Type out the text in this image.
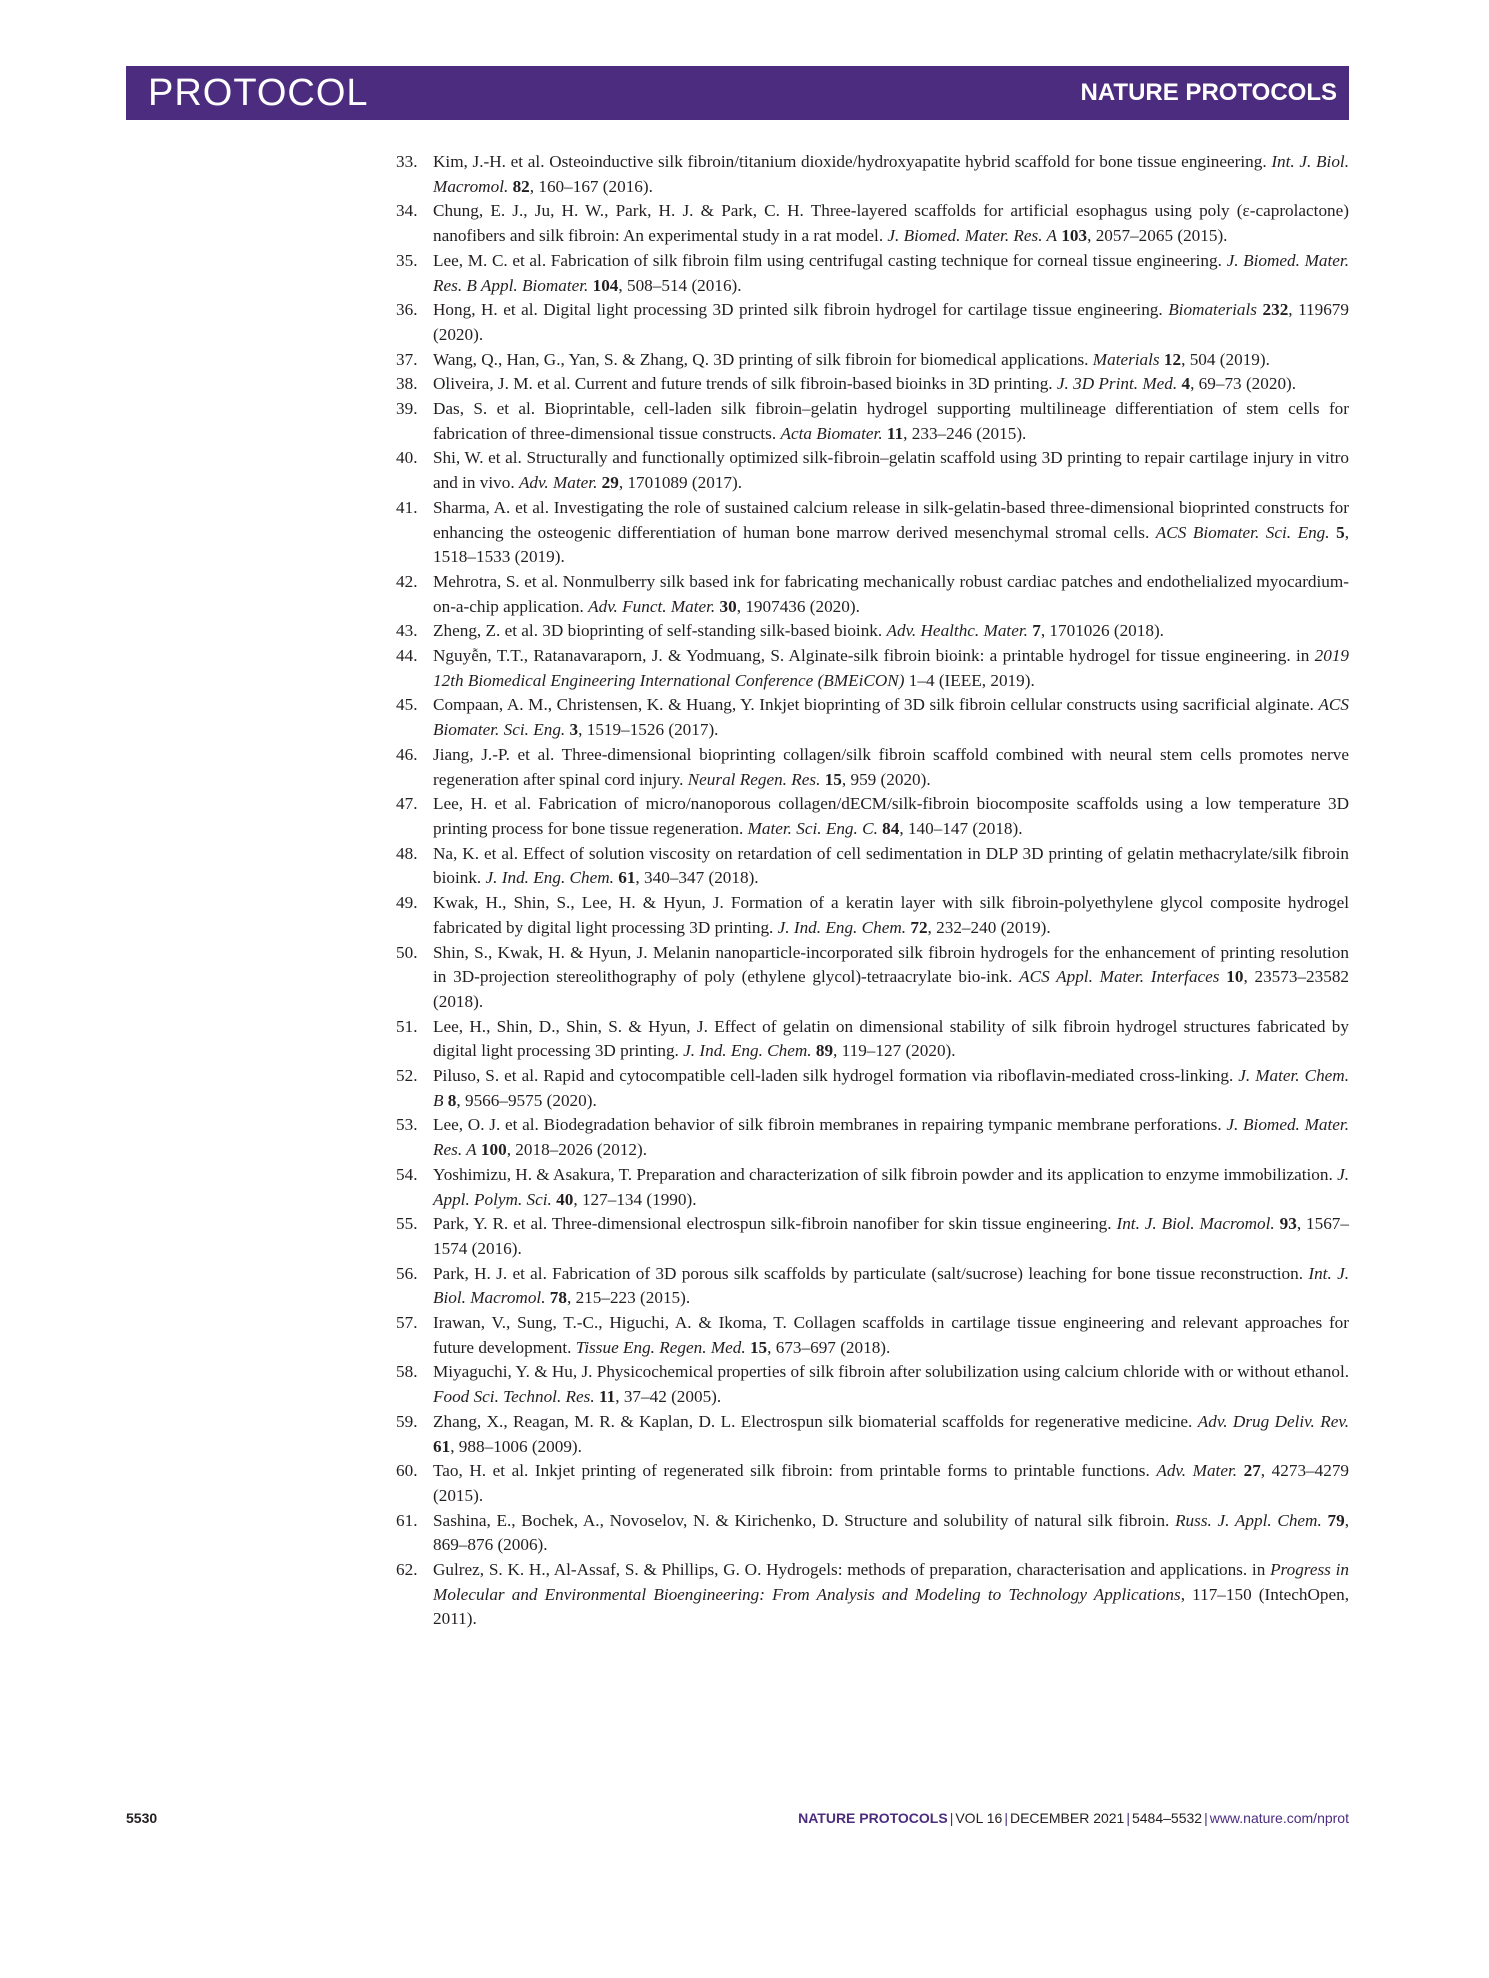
PROTOCOL	NATURE PROTOCOLS
33. Kim, J.-H. et al. Osteoinductive silk fibroin/titanium dioxide/hydroxyapatite hybrid scaffold for bone tissue engineering. Int. J. Biol. Macromol. 82, 160–167 (2016).
34. Chung, E. J., Ju, H. W., Park, H. J. & Park, C. H. Three-layered scaffolds for artificial esophagus using poly (ε-caprolactone) nanofibers and silk fibroin: An experimental study in a rat model. J. Biomed. Mater. Res. A 103, 2057–2065 (2015).
35. Lee, M. C. et al. Fabrication of silk fibroin film using centrifugal casting technique for corneal tissue engineering. J. Biomed. Mater. Res. B Appl. Biomater. 104, 508–514 (2016).
36. Hong, H. et al. Digital light processing 3D printed silk fibroin hydrogel for cartilage tissue engineering. Biomaterials 232, 119679 (2020).
37. Wang, Q., Han, G., Yan, S. & Zhang, Q. 3D printing of silk fibroin for biomedical applications. Materials 12, 504 (2019).
38. Oliveira, J. M. et al. Current and future trends of silk fibroin-based bioinks in 3D printing. J. 3D Print. Med. 4, 69–73 (2020).
39. Das, S. et al. Bioprintable, cell-laden silk fibroin–gelatin hydrogel supporting multilineage differentiation of stem cells for fabrication of three-dimensional tissue constructs. Acta Biomater. 11, 233–246 (2015).
40. Shi, W. et al. Structurally and functionally optimized silk-fibroin–gelatin scaffold using 3D printing to repair cartilage injury in vitro and in vivo. Adv. Mater. 29, 1701089 (2017).
41. Sharma, A. et al. Investigating the role of sustained calcium release in silk-gelatin-based three-dimensional bioprinted constructs for enhancing the osteogenic differentiation of human bone marrow derived mesenchymal stromal cells. ACS Biomater. Sci. Eng. 5, 1518–1533 (2019).
42. Mehrotra, S. et al. Nonmulberry silk based ink for fabricating mechanically robust cardiac patches and endothelialized myocardium-on-a-chip application. Adv. Funct. Mater. 30, 1907436 (2020).
43. Zheng, Z. et al. 3D bioprinting of self-standing silk-based bioink. Adv. Healthc. Mater. 7, 1701026 (2018).
44. Nguyễn, T.T., Ratanavaraporn, J. & Yodmuang, S. Alginate-silk fibroin bioink: a printable hydrogel for tissue engineering. in 2019 12th Biomedical Engineering International Conference (BMEiCON) 1–4 (IEEE, 2019).
45. Compaan, A. M., Christensen, K. & Huang, Y. Inkjet bioprinting of 3D silk fibroin cellular constructs using sacrificial alginate. ACS Biomater. Sci. Eng. 3, 1519–1526 (2017).
46. Jiang, J.-P. et al. Three-dimensional bioprinting collagen/silk fibroin scaffold combined with neural stem cells promotes nerve regeneration after spinal cord injury. Neural Regen. Res. 15, 959 (2020).
47. Lee, H. et al. Fabrication of micro/nanoporous collagen/dECM/silk-fibroin biocomposite scaffolds using a low temperature 3D printing process for bone tissue regeneration. Mater. Sci. Eng. C. 84, 140–147 (2018).
48. Na, K. et al. Effect of solution viscosity on retardation of cell sedimentation in DLP 3D printing of gelatin methacrylate/silk fibroin bioink. J. Ind. Eng. Chem. 61, 340–347 (2018).
49. Kwak, H., Shin, S., Lee, H. & Hyun, J. Formation of a keratin layer with silk fibroin-polyethylene glycol composite hydrogel fabricated by digital light processing 3D printing. J. Ind. Eng. Chem. 72, 232–240 (2019).
50. Shin, S., Kwak, H. & Hyun, J. Melanin nanoparticle-incorporated silk fibroin hydrogels for the enhancement of printing resolution in 3D-projection stereolithography of poly (ethylene glycol)-tetraacrylate bio-ink. ACS Appl. Mater. Interfaces 10, 23573–23582 (2018).
51. Lee, H., Shin, D., Shin, S. & Hyun, J. Effect of gelatin on dimensional stability of silk fibroin hydrogel structures fabricated by digital light processing 3D printing. J. Ind. Eng. Chem. 89, 119–127 (2020).
52. Piluso, S. et al. Rapid and cytocompatible cell-laden silk hydrogel formation via riboflavin-mediated cross-linking. J. Mater. Chem. B 8, 9566–9575 (2020).
53. Lee, O. J. et al. Biodegradation behavior of silk fibroin membranes in repairing tympanic membrane perforations. J. Biomed. Mater. Res. A 100, 2018–2026 (2012).
54. Yoshimizu, H. & Asakura, T. Preparation and characterization of silk fibroin powder and its application to enzyme immobilization. J. Appl. Polym. Sci. 40, 127–134 (1990).
55. Park, Y. R. et al. Three-dimensional electrospun silk-fibroin nanofiber for skin tissue engineering. Int. J. Biol. Macromol. 93, 1567–1574 (2016).
56. Park, H. J. et al. Fabrication of 3D porous silk scaffolds by particulate (salt/sucrose) leaching for bone tissue reconstruction. Int. J. Biol. Macromol. 78, 215–223 (2015).
57. Irawan, V., Sung, T.-C., Higuchi, A. & Ikoma, T. Collagen scaffolds in cartilage tissue engineering and relevant approaches for future development. Tissue Eng. Regen. Med. 15, 673–697 (2018).
58. Miyaguchi, Y. & Hu, J. Physicochemical properties of silk fibroin after solubilization using calcium chloride with or without ethanol. Food Sci. Technol. Res. 11, 37–42 (2005).
59. Zhang, X., Reagan, M. R. & Kaplan, D. L. Electrospun silk biomaterial scaffolds for regenerative medicine. Adv. Drug Deliv. Rev. 61, 988–1006 (2009).
60. Tao, H. et al. Inkjet printing of regenerated silk fibroin: from printable forms to printable functions. Adv. Mater. 27, 4273–4279 (2015).
61. Sashina, E., Bochek, A., Novoselov, N. & Kirichenko, D. Structure and solubility of natural silk fibroin. Russ. J. Appl. Chem. 79, 869–876 (2006).
62. Gulrez, S. K. H., Al-Assaf, S. & Phillips, G. O. Hydrogels: methods of preparation, characterisation and applications. in Progress in Molecular and Environmental Bioengineering: From Analysis and Modeling to Technology Applications, 117–150 (IntechOpen, 2011).
5530	NATURE PROTOCOLS | VOL 16 | DECEMBER 2021 | 5484–5532 | www.nature.com/nprot
